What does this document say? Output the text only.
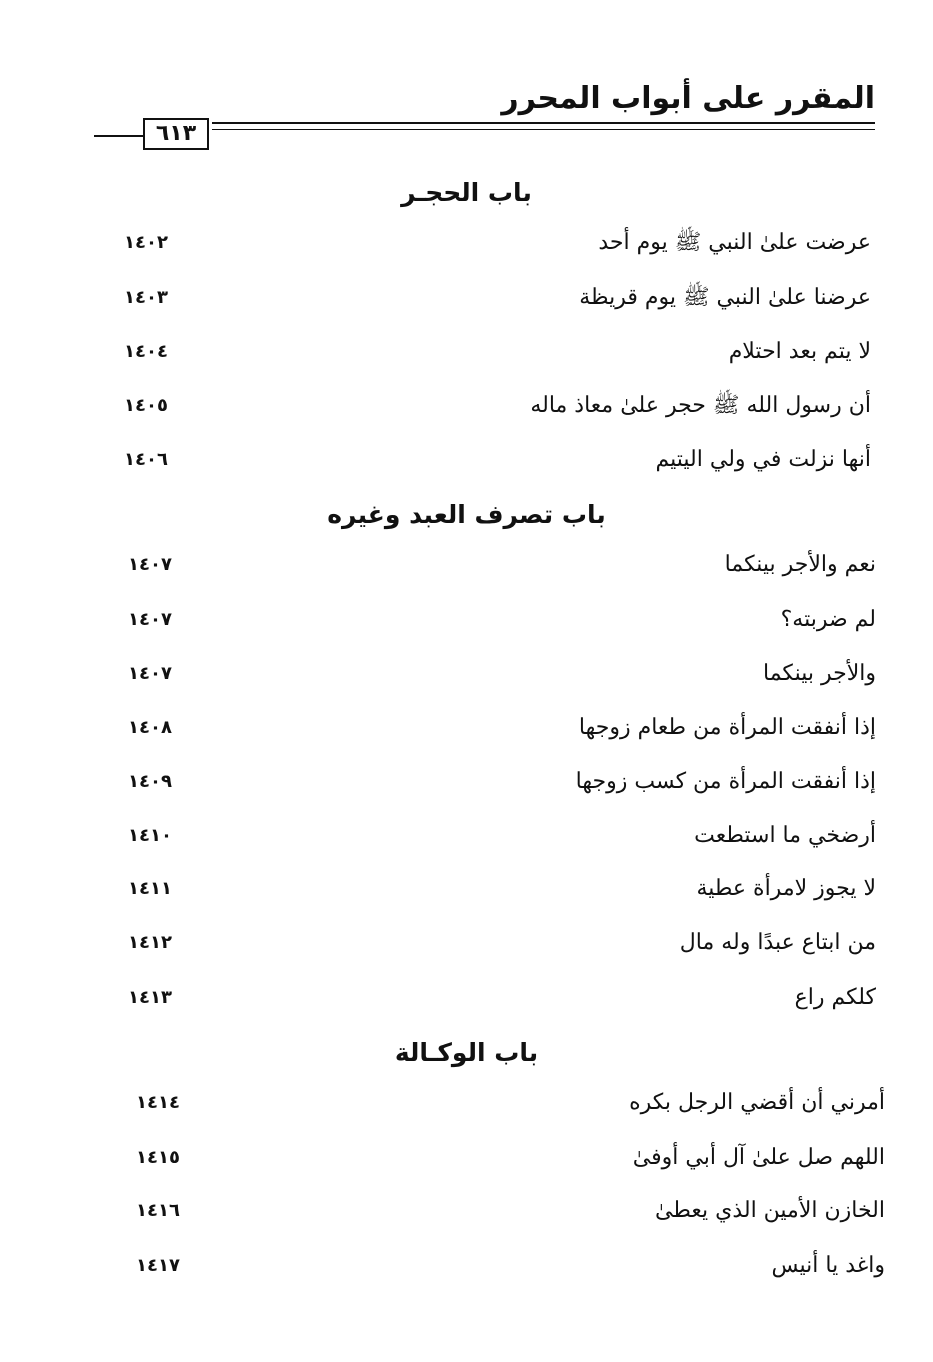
المقرر على أبواب المحرر
٦١٣
باب الحجـر
عرضت علىٰ النبي ﷺ يوم أحد
١٤٠٢
عرضنا علىٰ النبي ﷺ يوم قريظة
١٤٠٣
لا يتم بعد احتلام
١٤٠٤
أن رسول الله ﷺ حجر علىٰ معاذ ماله
١٤٠٥
أنها نزلت في ولي اليتيم
١٤٠٦
باب تصرف العبد وغيره
نعم والأجر بينكما
١٤٠٧
لم ضربته؟
١٤٠٧
والأجر بينكما
١٤٠٧
إذا أنفقت المرأة من طعام زوجها
١٤٠٨
إذا أنفقت المرأة من كسب زوجها
١٤٠٩
أرضخي ما استطعت
١٤١٠
لا يجوز لامرأة عطية
١٤١١
من ابتاع عبدًا وله مال
١٤١٢
كلكم راع
١٤١٣
باب الوكـالة
أمرني أن أقضي الرجل بكره
١٤١٤
اللهم صل علىٰ آل أبي أوفىٰ
١٤١٥
الخازن الأمين الذي يعطىٰ
١٤١٦
واغد يا أنيس
١٤١٧
